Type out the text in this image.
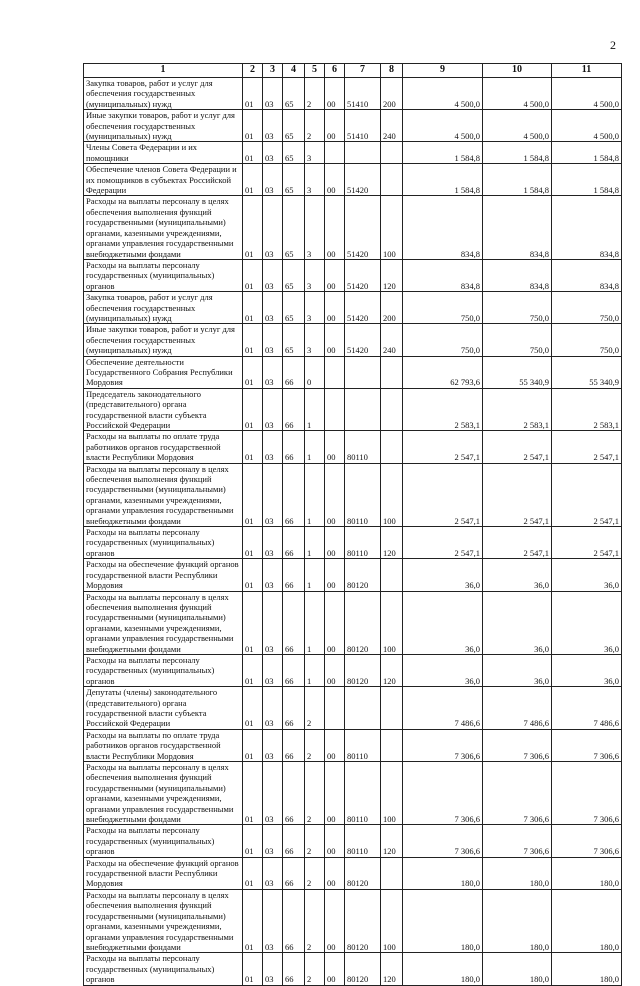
2
1	2	3	4	5	6	7	8	9	10	11
Закупка товаров, работ и услуг для обеспечения государственных (муниципальных) нужд	01	03	65	2	00	51410	200	4 500,0	4 500,0	4 500,0
Иные закупки товаров, работ и услуг для обеспечения государственных (муниципальных) нужд	01	03	65	2	00	51410	240	4 500,0	4 500,0	4 500,0
Члены Совета Федерации и их помощники	01	03	65	3				1 584,8	1 584,8	1 584,8
Обеспечение членов Совета Федерации и их помощников в субъектах Российской Федерации	01	03	65	3	00	51420		1 584,8	1 584,8	1 584,8
Расходы на выплаты персоналу в целях обеспечения выполнения функций государственными (муниципальными) органами, казенными учреждениями, органами управления государственными внебюджетными фондами	01	03	65	3	00	51420	100	834,8	834,8	834,8
Расходы на выплаты персоналу государственных (муниципальных) органов	01	03	65	3	00	51420	120	834,8	834,8	834,8
Закупка товаров, работ и услуг для обеспечения государственных (муниципальных) нужд	01	03	65	3	00	51420	200	750,0	750,0	750,0
Иные закупки товаров, работ и услуг для обеспечения государственных (муниципальных) нужд	01	03	65	3	00	51420	240	750,0	750,0	750,0
Обеспечение деятельности Государственного Собрания Республики Мордовия	01	03	66	0				62 793,6	55 340,9	55 340,9
Председатель законодательного (представительного) органа государственной власти субъекта Российской Федерации	01	03	66	1				2 583,1	2 583,1	2 583,1
Расходы на выплаты по оплате труда работников органов государственной власти Республики Мордовия	01	03	66	1	00	80110		2 547,1	2 547,1	2 547,1
Расходы на выплаты персоналу в целях обеспечения выполнения функций государственными (муниципальными) органами, казенными учреждениями, органами управления государственными внебюджетными фондами	01	03	66	1	00	80110	100	2 547,1	2 547,1	2 547,1
Расходы на выплаты персоналу государственных (муниципальных) органов	01	03	66	1	00	80110	120	2 547,1	2 547,1	2 547,1
Расходы на обеспечение функций органов государственной власти Республики Мордовия	01	03	66	1	00	80120		36,0	36,0	36,0
Расходы на выплаты персоналу в целях обеспечения выполнения функций государственными (муниципальными) органами, казенными учреждениями, органами управления государственными внебюджетными фондами	01	03	66	1	00	80120	100	36,0	36,0	36,0
Расходы на выплаты персоналу государственных (муниципальных) органов	01	03	66	1	00	80120	120	36,0	36,0	36,0
Депутаты (члены) законодательного (представительного) органа государственной власти субъекта Российской Федерации	01	03	66	2				7 486,6	7 486,6	7 486,6
Расходы на выплаты по оплате труда работников органов государственной власти Республики Мордовия	01	03	66	2	00	80110		7 306,6	7 306,6	7 306,6
Расходы на выплаты персоналу в целях обеспечения выполнения функций государственными (муниципальными) органами, казенными учреждениями, органами управления государственными внебюджетными фондами	01	03	66	2	00	80110	100	7 306,6	7 306,6	7 306,6
Расходы на выплаты персоналу государственных (муниципальных) органов	01	03	66	2	00	80110	120	7 306,6	7 306,6	7 306,6
Расходы на обеспечение функций органов государственной власти Республики Мордовия	01	03	66	2	00	80120		180,0	180,0	180,0
Расходы на выплаты персоналу в целях обеспечения выполнения функций государственными (муниципальными) органами, казенными учреждениями, органами управления государственными внебюджетными фондами	01	03	66	2	00	80120	100	180,0	180,0	180,0
Расходы на выплаты персоналу государственных (муниципальных) органов	01	03	66	2	00	80120	120	180,0	180,0	180,0
